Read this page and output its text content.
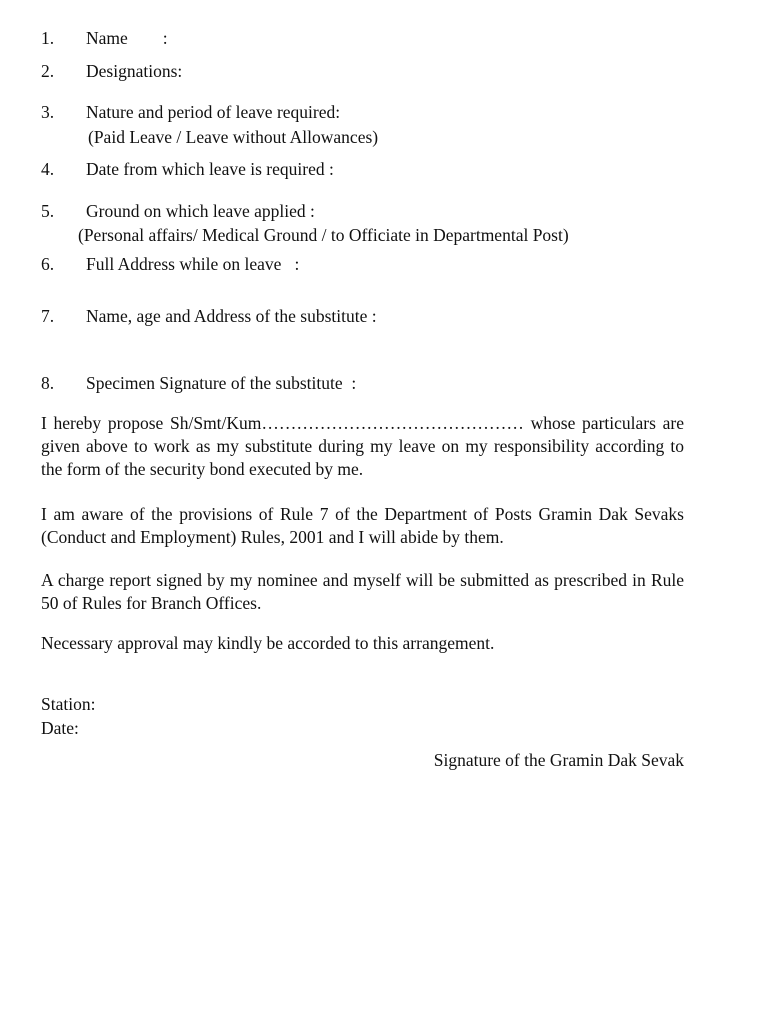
1. Name        :
2. Designations:
3. Nature and period of leave required:
(Paid Leave / Leave without Allowances)
4. Date from which leave is required :
5. Ground on which leave applied :
(Personal affairs/ Medical Ground / to Officiate in Departmental Post)
6. Full Address while on leave   :
7. Name, age and Address of the substitute :
8. Specimen Signature of the substitute  :
I hereby propose Sh/Smt/Kum……………………………………… whose particulars are given above to work as my substitute during my leave on my responsibility according to the form of the security bond executed by me.
I am aware of the provisions of Rule 7 of the Department of Posts Gramin Dak Sevaks (Conduct and Employment) Rules, 2001 and I will abide by them.
A charge report signed by my nominee and myself will be submitted as prescribed in Rule 50 of Rules for Branch Offices.
Necessary approval may kindly be accorded to this arrangement.
Station:
Date:
Signature of the Gramin Dak Sevak
